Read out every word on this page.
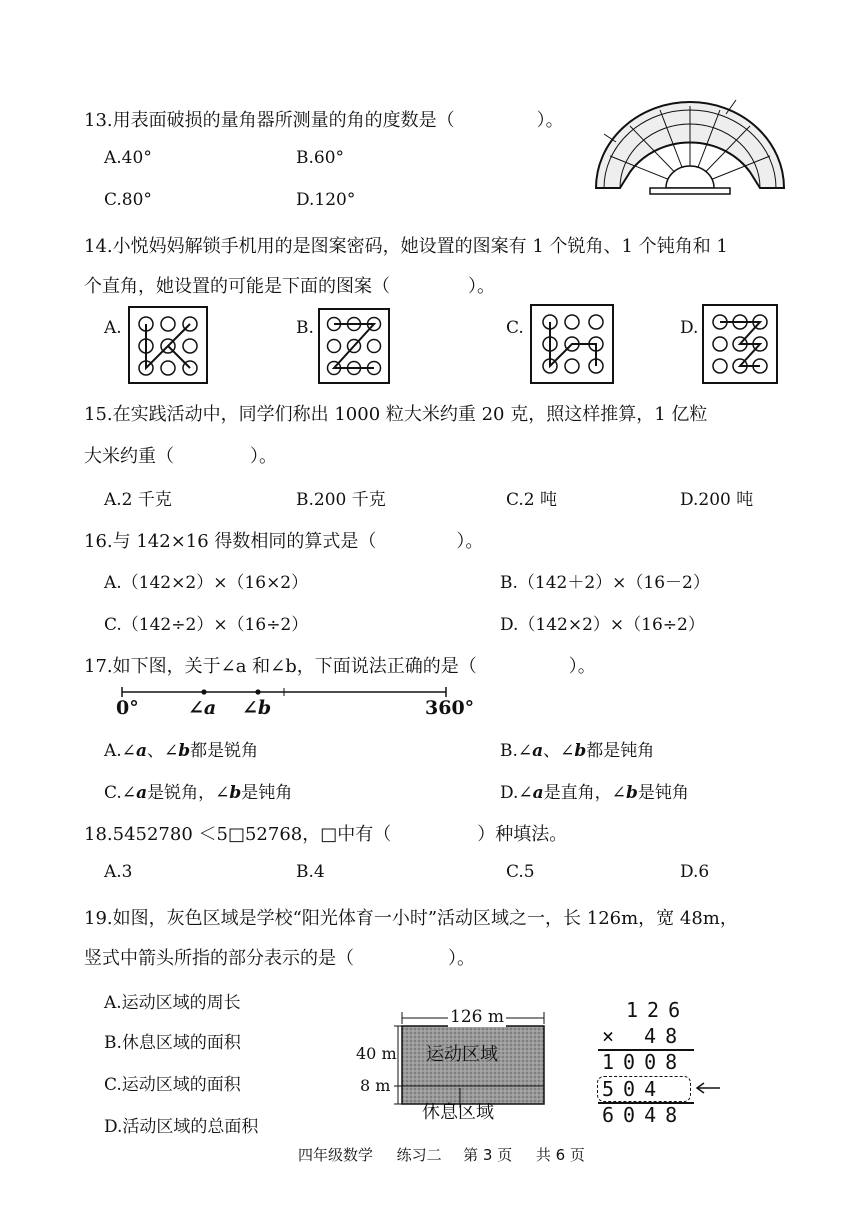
13.用表面破损的量角器所测量的角的度数是（	）。
A.40°	B.60°
C.80°	D.120°
14.小悦妈妈解锁手机用的是图案密码，她设置的图案有 1 个锐角、1 个钝角和 1
个直角，她设置的可能是下面的图案（	）。
A.	B.	C.	D.
15.在实践活动中，同学们称出 1000 粒大米约重 20 克，照这样推算，1 亿粒
大米约重（	）。
A.2 千克	B.200 千克	C.2 吨	D.200 吨
16.与 142×16 得数相同的算式是（	）。
A.（142×2）×（16×2）	B.（142＋2）×（16－2）
C.（142÷2）×（16÷2）	D.（142×2）×（16÷2）
17.如下图，关于∠a 和∠b，下面说法正确的是（	）。
0°	∠a ∠b	360°
A.∠a、∠b都是锐角	B.∠a、∠b都是钝角
C.∠a是锐角，∠b是钝角	D.∠a是直角，∠b是钝角
18.5452780 ＜5□52768，□中有（	）种填法。
A.3	B.4	C.5	D.6
19.如图，灰色区域是学校“阳光体育一小时”活动区域之一，长 126m，宽 48m，
竖式中箭头所指的部分表示的是（	）。
A.运动区域的周长
B.休息区域的面积
C.运动区域的面积
D.活动区域的总面积
126 m
40 m
8 m
运动区域
休息区域
126
× 48
1008
504
6048
四年级数学 练习二 第 3 页 共 6 页
